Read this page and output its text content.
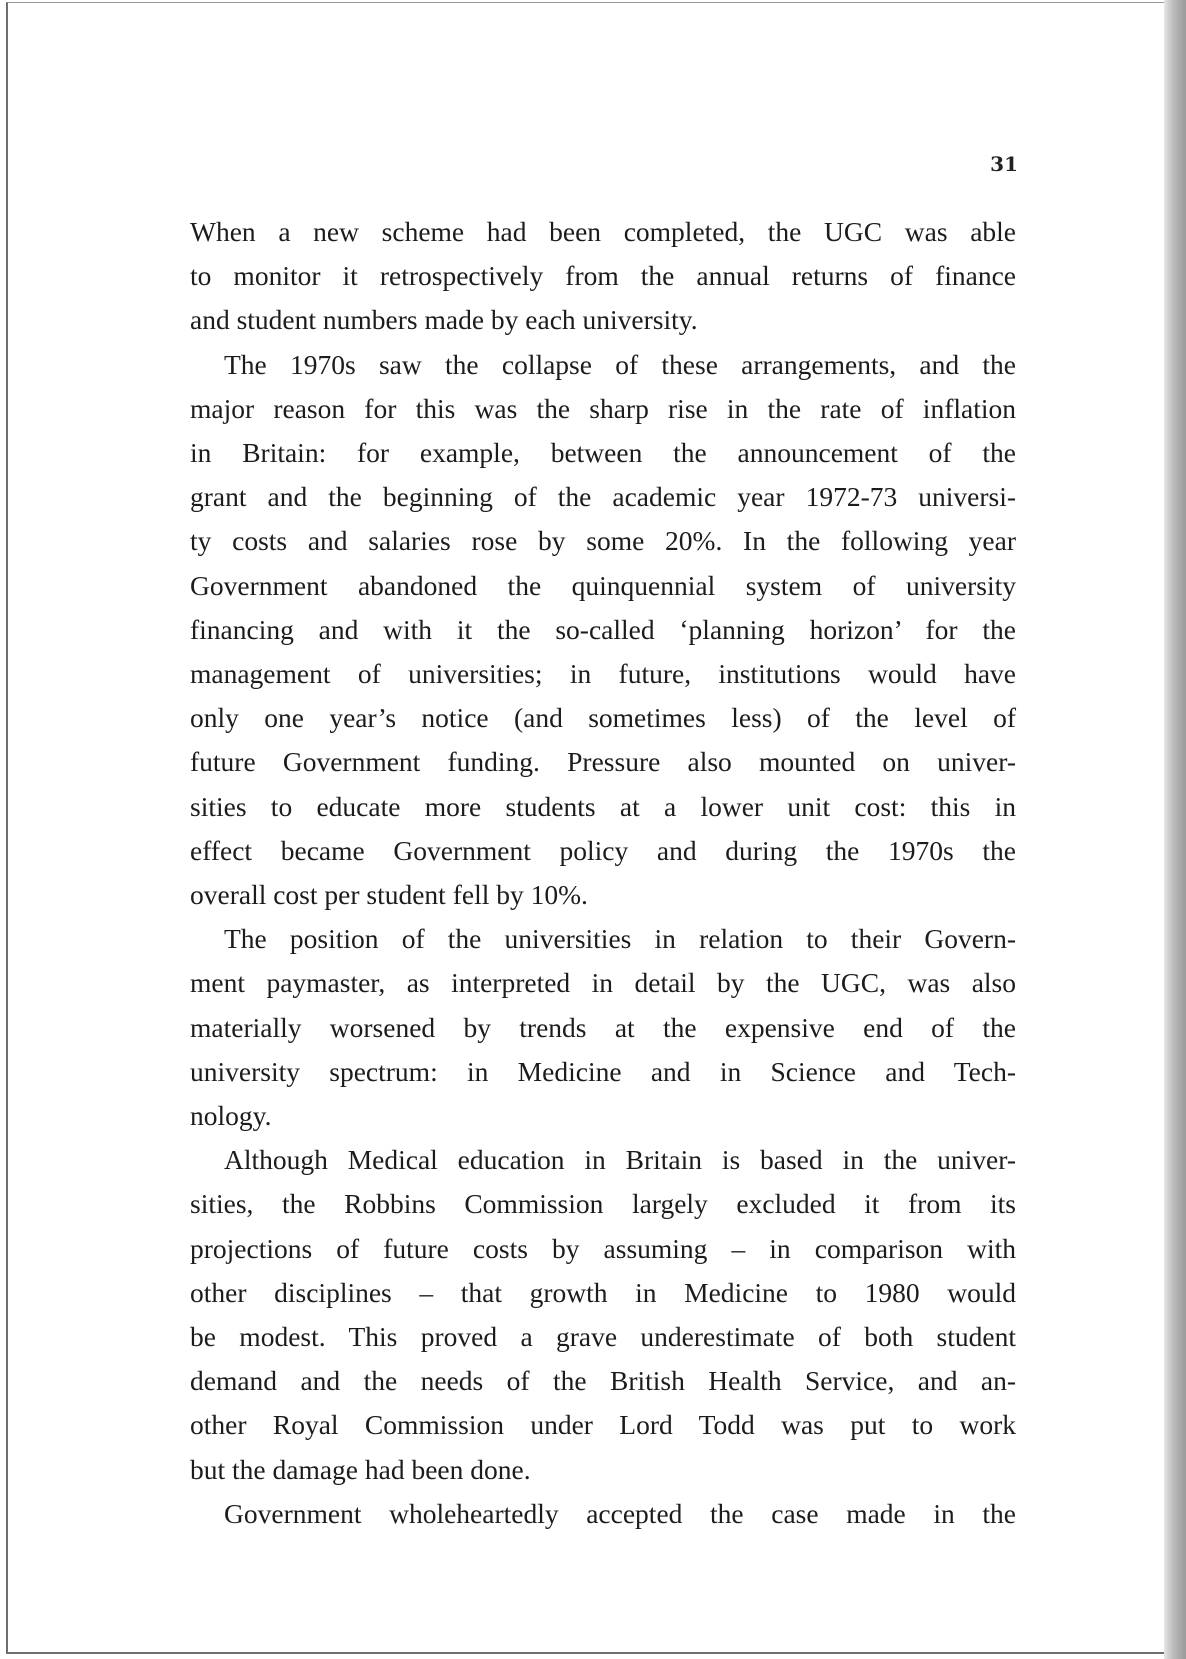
31

When a new scheme had been completed, the UGC was able
to monitor it retrospectively from the annual returns of finance
and student numbers made by each university.
The 1970s saw the collapse of these arrangements, and the
major reason for this was the sharp rise in the rate of inflation
in Britain: for example, between the announcement of the
grant and the beginning of the academic year 1972-73 universi-
ty costs and salaries rose by some 20%. In the following year
Government abandoned the quinquennial system of university
financing and with it the so-called ‘planning horizon’ for the
management of universities; in future, institutions would have
only one year’s notice (and sometimes less) of the level of
future Government funding. Pressure also mounted on univer-
sities to educate more students at a lower unit cost: this in
effect became Government policy and during the 1970s the
overall cost per student fell by 10%.
The position of the universities in relation to their Govern-
ment paymaster, as interpreted in detail by the UGC, was also
materially worsened by trends at the expensive end of the
university spectrum: in Medicine and in Science and Tech-
nology.
Although Medical education in Britain is based in the univer-
sities, the Robbins Commission largely excluded it from its
projections of future costs by assuming – in comparison with
other disciplines – that growth in Medicine to 1980 would
be modest. This proved a grave underestimate of both student
demand and the needs of the British Health Service, and an-
other Royal Commission under Lord Todd was put to work
but the damage had been done.
Government wholeheartedly accepted the case made in the
